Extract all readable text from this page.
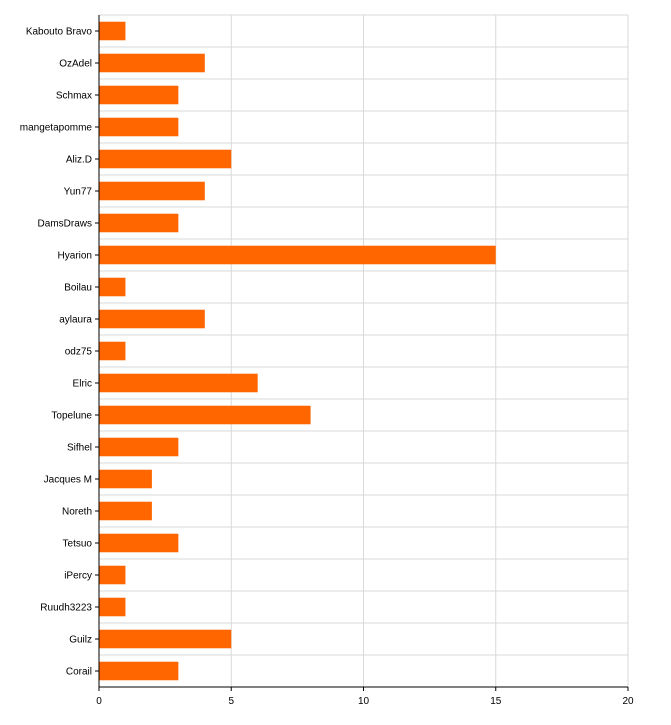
Kabouto Bravo
OzAdel
Schmax
mangetapomme
Aliz.D
Yun77
DamsDraws
Hyarion
Boilau
aylaura
odz75
Elric
Topelune
Sifhel
Jacques M
Noreth
Tetsuo
iPercy
Ruudh3223
Guilz
Corail
0	5	10	15	20
